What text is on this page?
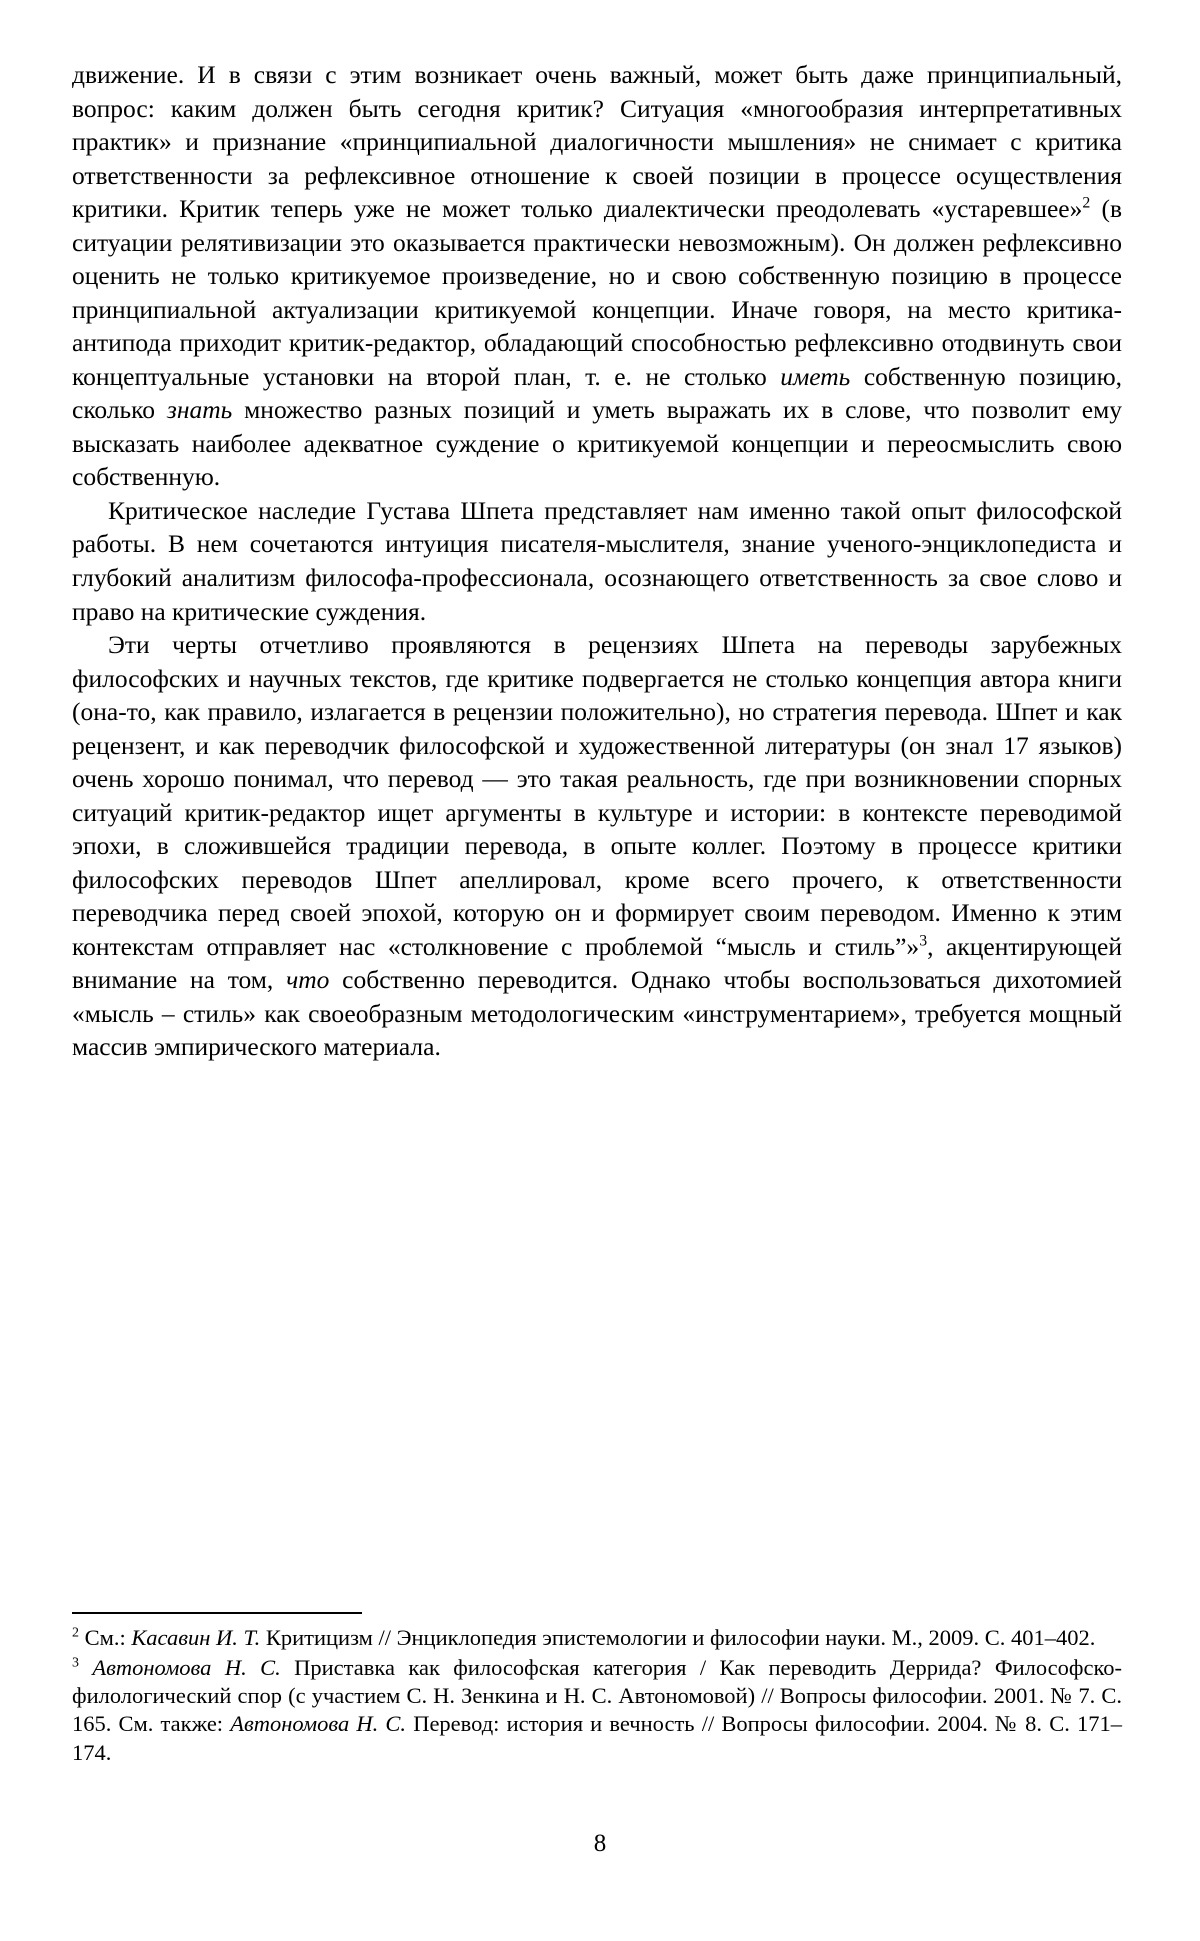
движение. И в связи с этим возникает очень важный, может быть даже принципиальный, вопрос: каким должен быть сегодня критик? Ситуация «многообразия интерпретативных практик» и признание «принципиальной диалогичности мышления» не снимает с критика ответственности за рефлексивное отношение к своей позиции в процессе осуществления критики. Критик теперь уже не может только диалектически преодолевать «устаревшее»$^2$ (в ситуации релятивизации это оказывается практически невозможным). Он должен рефлексивно оценить не только критикуемое произведение, но и свою собственную позицию в процессе принципиальной актуализации критикуемой концепции. Иначе говоря, на место критика-антипода приходит критик-редактор, обладающий способностью рефлексивно отодвинуть свои концептуальные установки на второй план, т. е. не столько иметь собственную позицию, сколько знать множество разных позиций и уметь выражать их в слове, что позволит ему высказать наиболее адекватное суждение о критикуемой концепции и переосмыслить свою собственную.

Критическое наследие Густава Шпета представляет нам именно такой опыт философской работы. В нем сочетаются интуиция писателя-мыслителя, знание ученого-энциклопедиста и глубокий аналитизм философа-профессионала, осознающего ответственность за свое слово и право на критические суждения.

Эти черты отчетливо проявляются в рецензиях Шпета на переводы зарубежных философских и научных текстов, где критике подвергается не столько концепция автора книги (она-то, как правило, излагается в рецензии положительно), но стратегия перевода. Шпет и как рецензент, и как переводчик философской и художественной литературы (он знал 17 языков) очень хорошо понимал, что перевод — это такая реальность, где при возникновении спорных ситуаций критик-редактор ищет аргументы в культуре и истории: в контексте переводимой эпохи, в сложившейся традиции перевода, в опыте коллег. Поэтому в процессе критики философских переводов Шпет апеллировал, кроме всего прочего, к ответственности переводчика перед своей эпохой, которую он и формирует своим переводом. Именно к этим контекстам отправляет нас «столкновение с проблемой “мысль и стиль”»$^3$, акцентирующей внимание на том, что собственно переводится. Однако чтобы воспользоваться дихотомией «мысль – стиль» как своеобразным методологическим «инструментарием», требуется мощный массив эмпирического материала.

$^2$ См.: Касавин И. Т. Критицизм // Энциклопедия эпистемологии и философии науки. М., 2009. С. 401–402.

$^3$ Автономова Н. С. Приставка как философская категория / Как переводить Деррида? Философско-филологический спор (с участием С. Н. Зенкина и Н. С. Автономовой) // Вопросы философии. 2001. № 7. С. 165. См. также: Автономова Н. С. Перевод: история и вечность // Вопросы философии. 2004. № 8. С. 171–174.

8
